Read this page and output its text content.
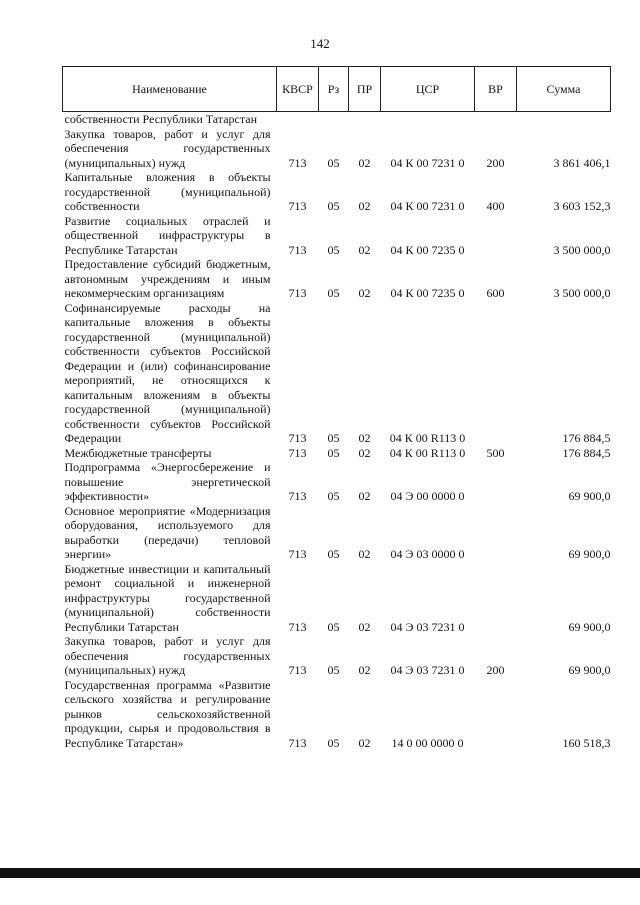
142
Наименование	КВСР	Рз	ПР	ЦСР	ВР	Сумма
собственности Республики Татарстан						
Закупка товаров, работ и услуг для обеспечения государственных (муниципальных) нужд	713	05	02	04 К 00 7231 0	200	3 861 406,1
Капитальные вложения в объекты государственной (муниципальной) собственности	713	05	02	04 К 00 7231 0	400	3 603 152,3
Развитие социальных отраслей и общественной инфраструктуры в Республике Татарстан	713	05	02	04 К 00 7235 0		3 500 000,0
Предоставление субсидий бюджетным, автономным учреждениям и иным некоммерческим организациям	713	05	02	04 К 00 7235 0	600	3 500 000,0
Софинансируемые расходы на капитальные вложения в объекты государственной (муниципальной) собственности субъектов Российской Федерации и (или) софинансирование мероприятий, не относящихся к капитальным вложениям в объекты государственной (муниципальной) собственности субъектов Российской Федерации	713	05	02	04 К 00 R113 0		176 884,5
Межбюджетные трансферты	713	05	02	04 К 00 R113 0	500	176 884,5
Подпрограмма «Энергосбережение и повышение энергетической эффективности»	713	05	02	04 Э 00 0000 0		69 900,0
Основное мероприятие «Модернизация оборудования, используемого для выработки (передачи) тепловой энергии»	713	05	02	04 Э 03 0000 0		69 900,0
Бюджетные инвестиции и капитальный ремонт социальной и инженерной инфраструктуры государственной (муниципальной) собственности Республики Татарстан	713	05	02	04 Э 03 7231 0		69 900,0
Закупка товаров, работ и услуг для обеспечения государственных (муниципальных) нужд	713	05	02	04 Э 03 7231 0	200	69 900,0
Государственная программа «Развитие сельского хозяйства и регулирование рынков сельскохозяйственной продукции, сырья и продовольствия в Республике Татарстан»	713	05	02	14 0 00 0000 0		160 518,3
